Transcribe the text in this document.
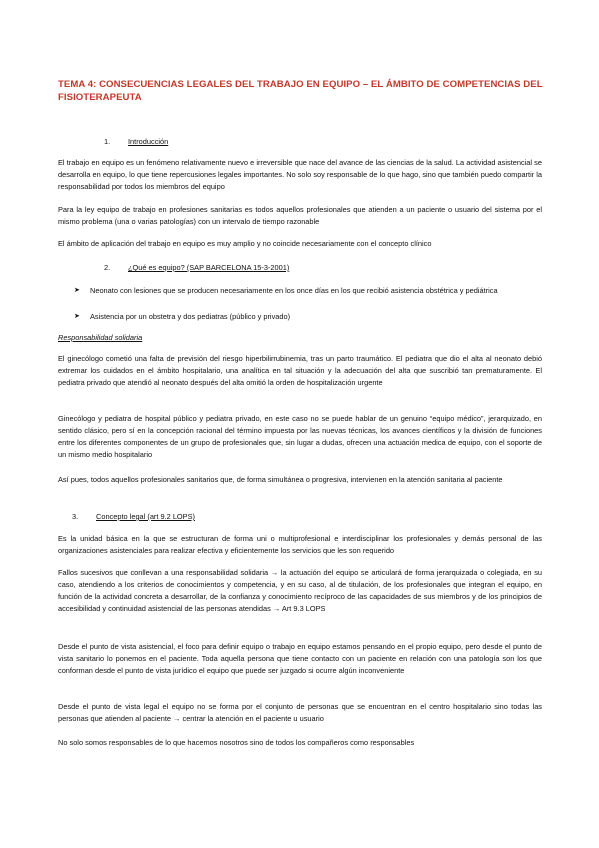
TEMA 4: CONSECUENCIAS LEGALES DEL TRABAJO EN EQUIPO – EL ÁMBITO DE COMPETENCIAS DEL FISIOTERAPEUTA
1. Introducción
El trabajo en equipo es un fenómeno relativamente nuevo e irreversible que nace del avance de las ciencias de la salud. La actividad asistencial se desarrolla en equipo, lo que tiene repercusiones legales importantes. No solo soy responsable de lo que hago, sino que también puedo compartir la responsabilidad por todos los miembros del equipo
Para la ley equipo de trabajo en profesiones sanitarias es todos aquellos profesionales que atienden a un paciente o usuario del sistema por el mismo problema (una o varias patologías) con un intervalo de tiempo razonable
El ámbito de aplicación del trabajo en equipo es muy amplio y no coincide necesariamente con el concepto clínico
2. ¿Qué es equipo? (SAP BARCELONA 15-3-2001)
➤ Neonato con lesiones que se producen necesariamente en los once días en los que recibió asistencia obstétrica y pediátrica
➤ Asistencia por un obstetra y dos pediatras (público y privado)
Responsabilidad solidaria
El ginecólogo cometió una falta de previsión del riesgo hiperbilirrubinemia, tras un parto traumático. El pediatra que dio el alta al neonato debió extremar los cuidados en el ámbito hospitalario, una analítica en tal situación y la adecuación del alta que suscribió tan prematuramente. El pediatra privado que atendió al neonato después del alta omitió la orden de hospitalización urgente
Ginecólogo y pediatra de hospital público y pediatra privado, en este caso no se puede hablar de un genuino “equipo médico”, jerarquizado, en sentido clásico, pero sí en la concepción racional del término impuesta por las nuevas técnicas, los avances científicos y la división de funciones entre los diferentes componentes de un grupo de profesionales que, sin lugar a dudas, ofrecen una actuación medica de equipo, con el soporte de un mismo medio hospitalario
Así pues, todos aquellos profesionales sanitarios que, de forma simultánea o progresiva, intervienen en la atención sanitaria al paciente
3. Concepto legal (art 9.2 LOPS)
Es la unidad básica en la que se estructuran de forma uni o multiprofesional e interdisciplinar los profesionales y demás personal de las organizaciones asistenciales para realizar efectiva y eficientemente los servicios que les son requerido
Fallos sucesivos que conllevan a una responsabilidad solidaria → la actuación del equipo se articulará de forma jerarquizada o colegiada, en su caso, atendiendo a los criterios de conocimientos y competencia, y en su caso, al de titulación, de los profesionales que integran el equipo, en función de la actividad concreta a desarrollar, de la confianza y conocimiento recíproco de las capacidades de sus miembros y de los principios de accesibilidad y continuidad asistencial de las personas atendidas → Art 9.3 LOPS
Desde el punto de vista asistencial, el foco para definir equipo o trabajo en equipo estamos pensando en el propio equipo, pero desde el punto de vista sanitario lo ponemos en el paciente. Toda aquella persona que tiene contacto con un paciente en relación con una patología son los que conforman desde el punto de vista jurídico el equipo que puede ser juzgado si ocurre algún inconveniente
Desde el punto de vista legal el equipo no se forma por el conjunto de personas que se encuentran en el centro hospitalario sino todas las personas que atienden al paciente → centrar la atención en el paciente u usuario
No solo somos responsables de lo que hacemos nosotros sino de todos los compañeros como responsables
